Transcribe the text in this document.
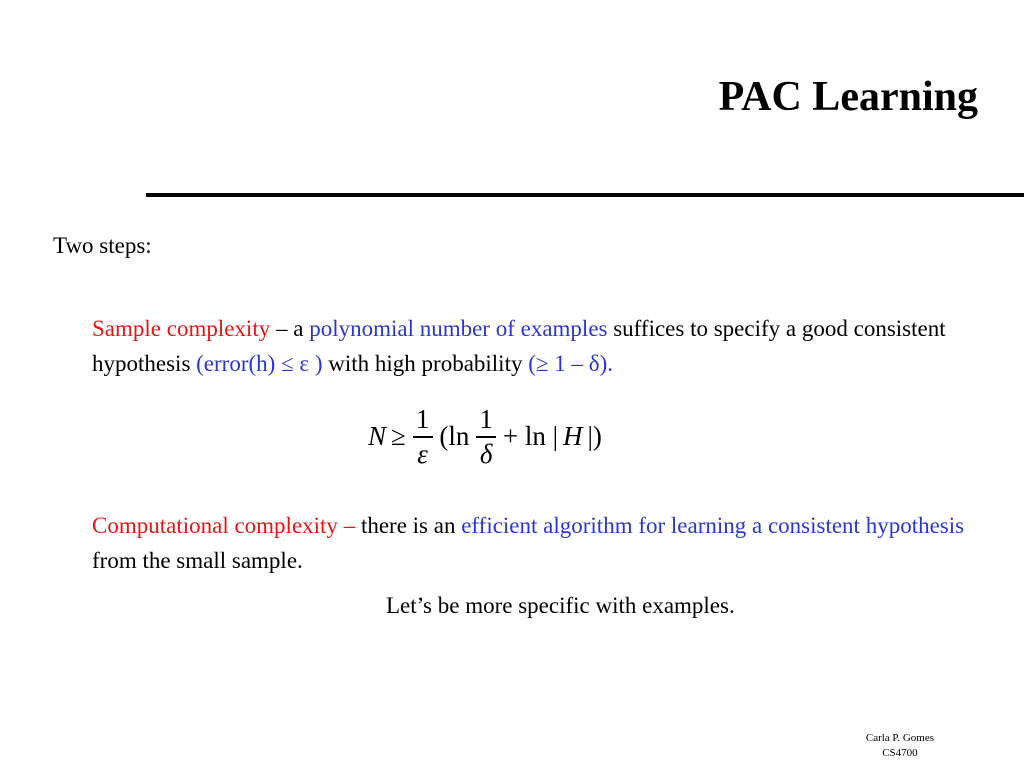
PAC Learning
Two steps:
Sample complexity – a polynomial number of examples suffices to specify a good consistent hypothesis (error(h) ≤ ε ) with high probability (≥ 1 – δ).
$N \ge \frac{1}{\varepsilon} (\ln \frac{1}{\delta} + \ln$ | H |)
Computational complexity – there is an efficient algorithm for learning a consistent hypothesis from the small sample.
Let’s be more specific with examples.
Carla P. Gomes
CS4700
